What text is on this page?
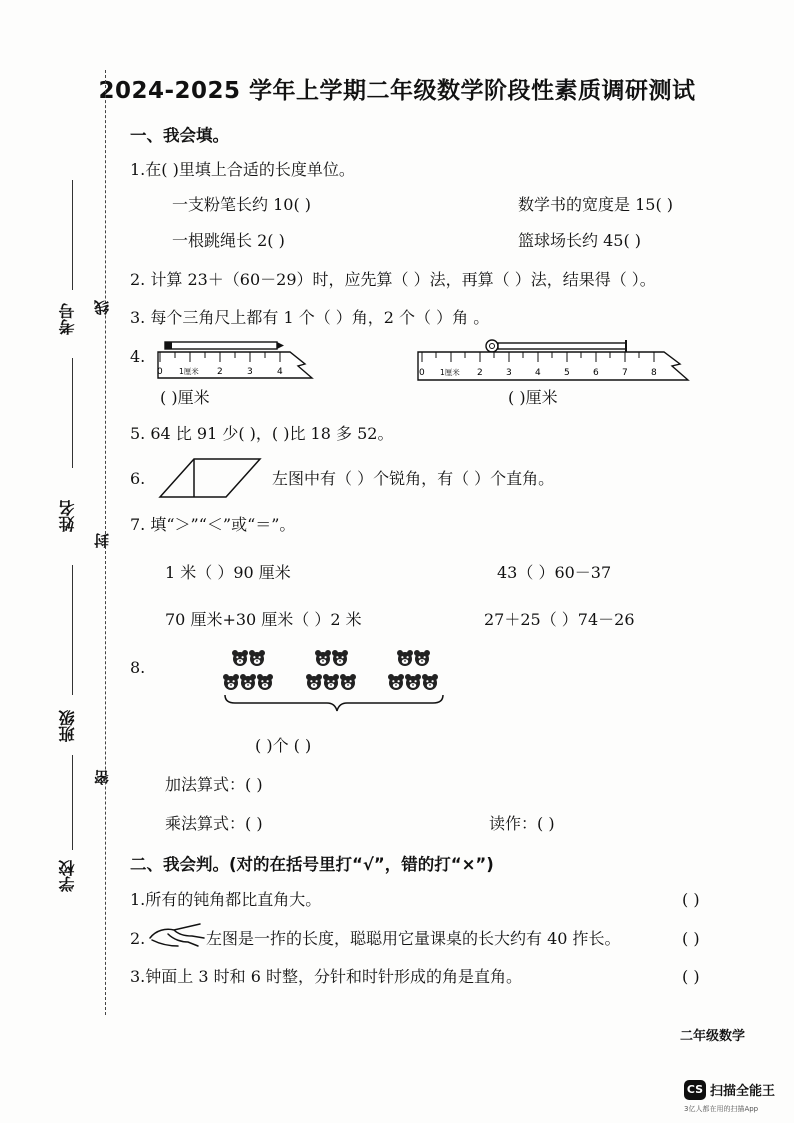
2024-2025 学年上学期二年级数学阶段性素质调研测试
考号
姓名
班级
学校
线
封
密
一、我会填。
1.在( )里填上合适的长度单位。
一支粉笔长约 10( )	数学书的宽度是 15( )
一根跳绳长 2( )	篮球场长约 45( )
2. 计算 23＋（60－29）时，应先算（ ）法，再算（ ）法，结果得（ ）。
3. 每个三角尺上都有 1 个（ ）角，2 个（ ）角 。
4.
0 1厘米 2	3	4
( )厘米
0 1厘米 2	3	4	5	6	7	8
( )厘米
5. 64 比 91 少( )，( )比 18 多 52。
6.	左图中有（ ）个锐角，有（ ）个直角。
7. 填“＞”“＜”或“＝”。
1 米（ ）90 厘米	43（ ）60－37
70 厘米+30 厘米（ ）2 米	27＋25（ ）74－26
8.
( )个 ( )
加法算式：( )
乘法算式：( )	读作：( )
二、我会判。(对的在括号里打“√”，错的打“×”)
1.所有的钝角都比直角大。	( )
2.	左图是一拃的长度，聪聪用它量课桌的长大约有 40 拃长。	( )
3.钟面上 3 时和 6 时整，分针和时针形成的角是直角。	( )
二年级数学
CS 扫描全能王
3亿人都在用的扫描App
